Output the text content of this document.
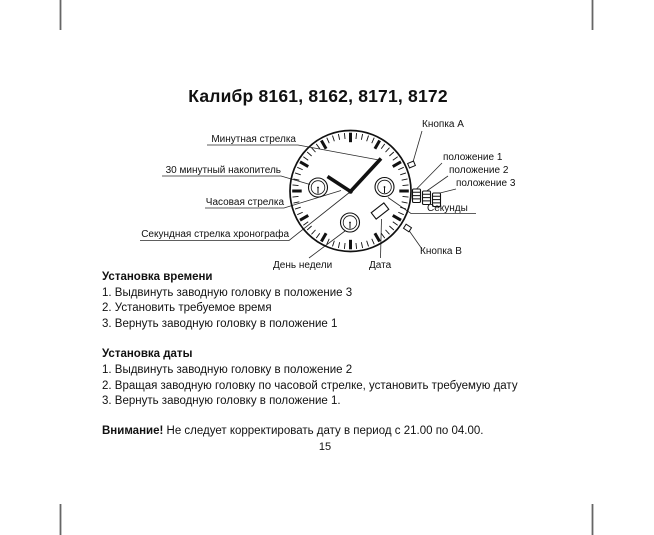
Калибр 8161, 8162, 8171, 8172
Минутная стрелка
30 минутный накопитель
Часовая стрелка
Секундная стрелка хронографа
День недели	Дата
Кнопка A
положение 1
положение 2
положение 3
Секунды
Кнопка B
Установка времени
1. Выдвинуть заводную головку в положение 3
2. Установить требуемое время
3. Вернуть заводную головку в положение 1
Установка даты
1. Выдвинуть заводную головку в положение 2
2. Вращая заводную головку по часовой стрелке, установить требуемую дату
3. Вернуть заводную головку в положение 1.
Внимание! Не следует корректировать дату в период с 21.00 по 04.00.
15
